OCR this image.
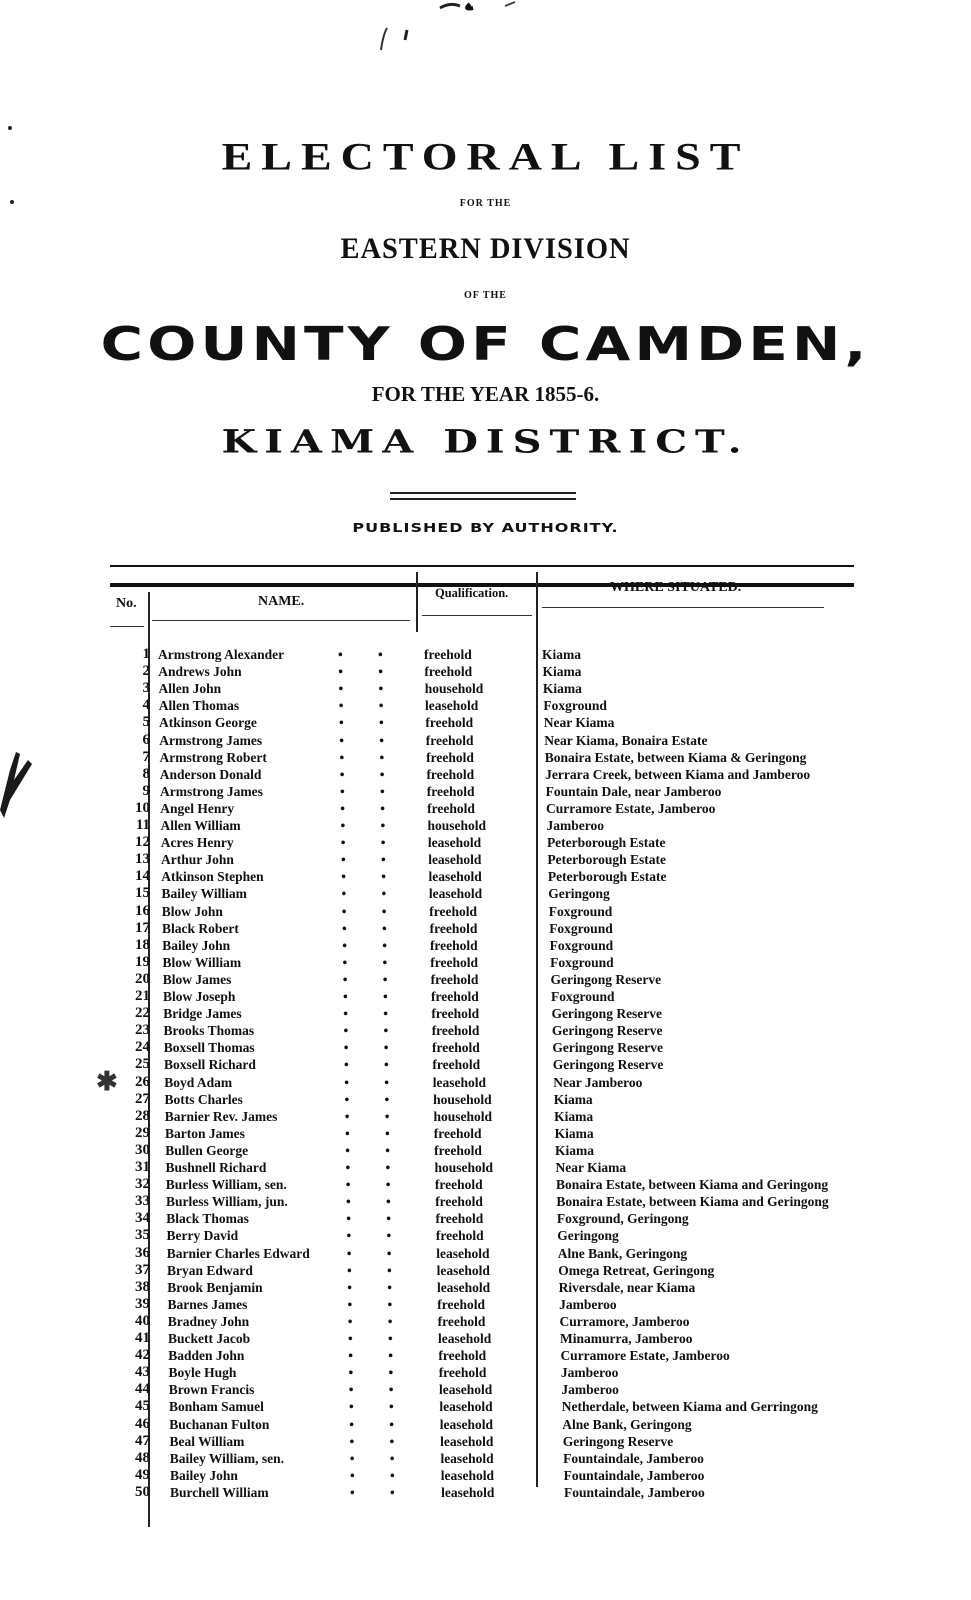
ELECTORAL LIST
FOR THE
EASTERN DIVISION
OF THE
COUNTY OF CAMDEN,
FOR THE YEAR 1855-6.
KIAMA DISTRICT.
PUBLISHED BY AUTHORITY.
No.	NAME.
Qualification.	WHERE SITUATED.
1 Armstrong Alexander	•	•	freehold	Kiama
2 Andrews John	•	•	freehold	Kiama
3 Allen John	•	•	household	Kiama
4 Allen Thomas	•	•	leasehold	Foxground
5 Atkinson George	•	•	freehold	Near Kiama
6 Armstrong James	•	•	freehold	Near Kiama, Bonaira Estate
7 Armstrong Robert	•	•	freehold	Bonaira Estate, between Kiama & Geringong
8 Anderson Donald	•	•	freehold	Jerrara Creek, between Kiama and Jamberoo
9 Armstrong James	•	•	freehold	Fountain Dale, near Jamberoo
10 Angel Henry	•	•	freehold	Curramore Estate, Jamberoo
11 Allen William	•	•	household	Jamberoo
12 Acres Henry	•	•	leasehold	Peterborough Estate
13 Arthur John	•	•	leasehold	Peterborough Estate
14 Atkinson Stephen	•	•	leasehold	Peterborough Estate
15 Bailey William	•	•	leasehold	Geringong
16 Blow John	•	•	freehold	Foxground
17 Black Robert	•	•	freehold	Foxground
18 Bailey John	•	•	freehold	Foxground
19 Blow William	•	•	freehold	Foxground
20 Blow James	•	•	freehold	Geringong Reserve
21 Blow Joseph	•	•	freehold	Foxground
22 Bridge James	•	•	freehold	Geringong Reserve
23 Brooks Thomas	•	•	freehold	Geringong Reserve
24 Boxsell Thomas	•	•	freehold	Geringong Reserve
25 Boxsell Richard	•	•	freehold	Geringong Reserve
26 Boyd Adam	•	•	leasehold	Near Jamberoo
✱
27 Botts Charles	•	•	household	Kiama
28 Barnier Rev. James	•	•	household	Kiama
29 Barton James	•	•	freehold	Kiama
30 Bullen George	•	•	freehold	Kiama
31 Bushnell Richard	•	•	household	Near Kiama
32 Burless William, sen.	•	•	freehold	Bonaira Estate, between Kiama and Geringong
33 Burless William, jun.	•	•	freehold	Bonaira Estate, between Kiama and Geringong
34 Black Thomas	•	•	freehold	Foxground, Geringong
35 Berry David	•	•	freehold	Geringong
36 Barnier Charles Edward	•	•	leasehold	Alne Bank, Geringong
37 Bryan Edward	•	•	leasehold	Omega Retreat, Geringong
38 Brook Benjamin	•	•	leasehold	Riversdale, near Kiama
39 Barnes James	•	•	freehold	Jamberoo
40 Bradney John	•	•	freehold	Curramore, Jamberoo
41 Buckett Jacob	•	•	leasehold	Minamurra, Jamberoo
42 Badden John	•	•	freehold	Curramore Estate, Jamberoo
43 Boyle Hugh	•	•	freehold	Jamberoo
44 Brown Francis	•	•	leasehold	Jamberoo
45 Bonham Samuel	•	•	leasehold	Netherdale, between Kiama and Gerringong
46 Buchanan Fulton	•	•	leasehold	Alne Bank, Geringong
47 Beal William	•	•	leasehold	Geringong Reserve
48 Bailey William, sen.	•	•	leasehold	Fountaindale, Jamberoo
49 Bailey John	•	•	leasehold	Fountaindale, Jamberoo
50 Burchell William	•	•	leasehold	Fountaindale, Jamberoo
